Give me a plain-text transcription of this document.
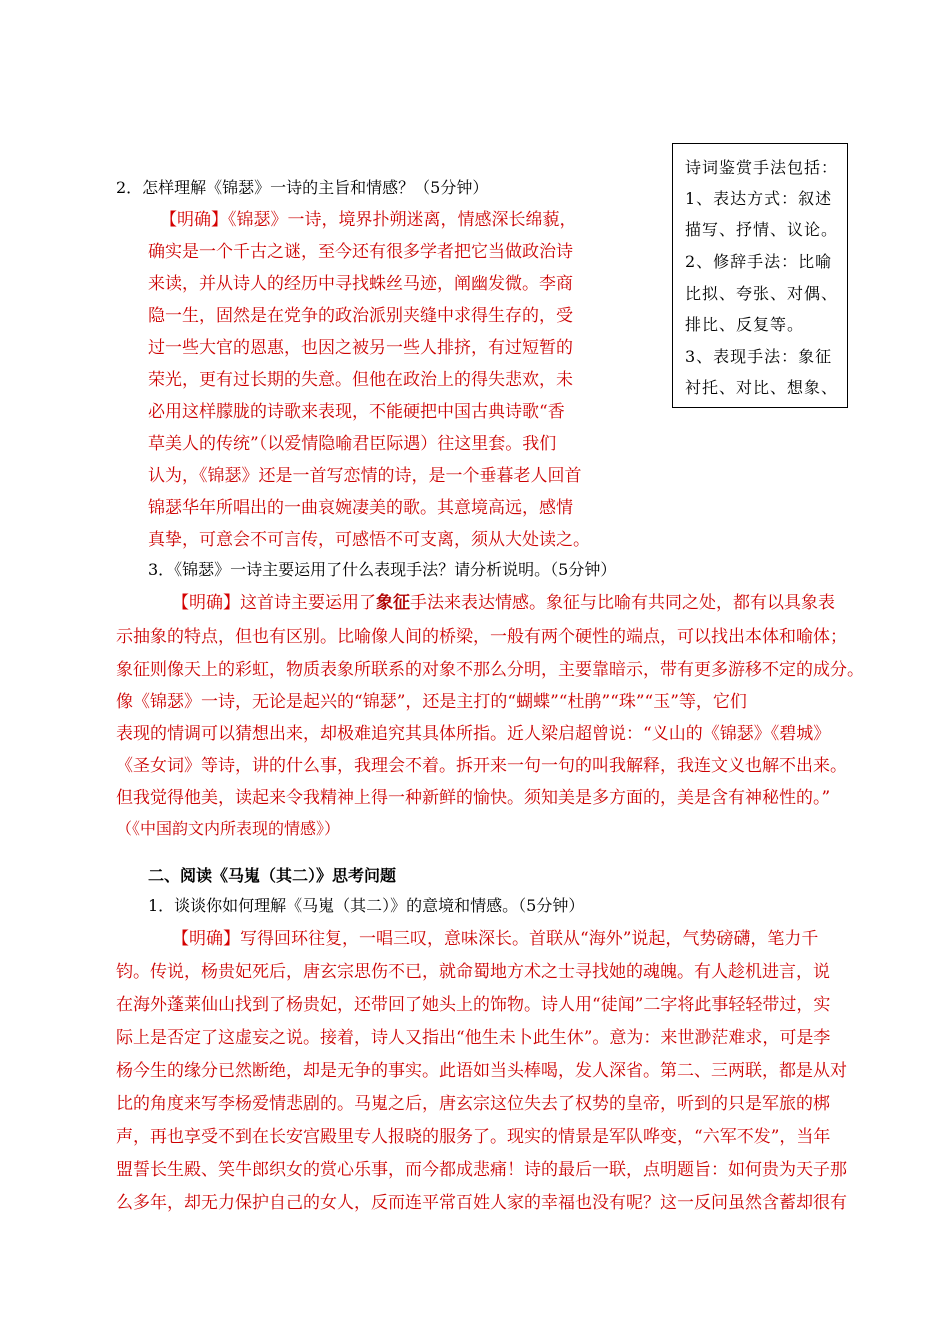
诗词鉴赏手法包括：
1、表达方式：叙述
描写、抒情、议论。
2、修辞手法：比喻
比拟、夸张、对偶、
排比、反复等。
3、表现手法：象征
衬托、对比、想象、
2．怎样理解《锦瑟》一诗的主旨和情感？（5分钟）
【明确】《锦瑟》一诗，境界扑朔迷离，情感深长绵藐，
确实是一个千古之谜，至今还有很多学者把它当做政治诗
来读，并从诗人的经历中寻找蛛丝马迹，阐幽发微。李商
隐一生，固然是在党争的政治派别夹缝中求得生存的，受
过一些大官的恩惠，也因之被另一些人排挤，有过短暂的
荣光，更有过长期的失意。但他在政治上的得失悲欢，未
必用这样朦胧的诗歌来表现，不能硬把中国古典诗歌“香
草美人的传统”（以爱情隐喻君臣际遇）往这里套。我们
认为，《锦瑟》还是一首写恋情的诗，是一个垂暮老人回首
锦瑟华年所唱出的一曲哀婉凄美的歌。其意境高远，感情
真挚，可意会不可言传，可感悟不可支离，须从大处读之。
3．《锦瑟》一诗主要运用了什么表现手法？请分析说明。（5分钟）
【明确】这首诗主要运用了象征手法来表达情感。象征与比喻有共同之处，都有以具象表
示抽象的特点，但也有区别。比喻像人间的桥梁，一般有两个硬性的端点，可以找出本体和喻体；
象征则像天上的彩虹，物质表象所联系的对象不那么分明，主要靠暗示，带有更多游移不定的成分。
像《锦瑟》一诗，无论是起兴的“锦瑟”，还是主打的“蝴蝶”“杜鹃”“珠”“玉”等，它们
表现的情调可以猜想出来，却极难追究其具体所指。近人梁启超曾说：“义山的《锦瑟》《碧城》
《圣女词》等诗，讲的什么事，我理会不着。拆开来一句一句的叫我解释，我连文义也解不出来。
但我觉得他美，读起来令我精神上得一种新鲜的愉快。须知美是多方面的，美是含有神秘性的。”
（《中国韵文内所表现的情感》）
二、阅读《马嵬（其二）》思考问题
1．谈谈你如何理解《马嵬（其二）》的意境和情感。（5分钟）
【明确】写得回环往复，一唱三叹，意味深长。首联从“海外”说起，气势磅礴，笔力千
钧。传说，杨贵妃死后，唐玄宗思伤不已，就命蜀地方术之士寻找她的魂魄。有人趁机进言，说
在海外蓬莱仙山找到了杨贵妃，还带回了她头上的饰物。诗人用“徒闻”二字将此事轻轻带过，实
际上是否定了这虚妄之说。接着，诗人又指出“他生未卜此生休”。意为：来世渺茫难求，可是李
杨今生的缘分已然断绝，却是无争的事实。此语如当头棒喝，发人深省。第二、三两联，都是从对
比的角度来写李杨爱情悲剧的。马嵬之后，唐玄宗这位失去了权势的皇帝，听到的只是军旅的梆
声，再也享受不到在长安宫殿里专人报晓的服务了。现实的情景是军队哗变，“六军不发”，当年
盟誓长生殿、笑牛郎织女的赏心乐事，而今都成悲痛！诗的最后一联，点明题旨：如何贵为天子那
么多年，却无力保护自己的女人，反而连平常百姓人家的幸福也没有呢？这一反问虽然含蓄却很有
